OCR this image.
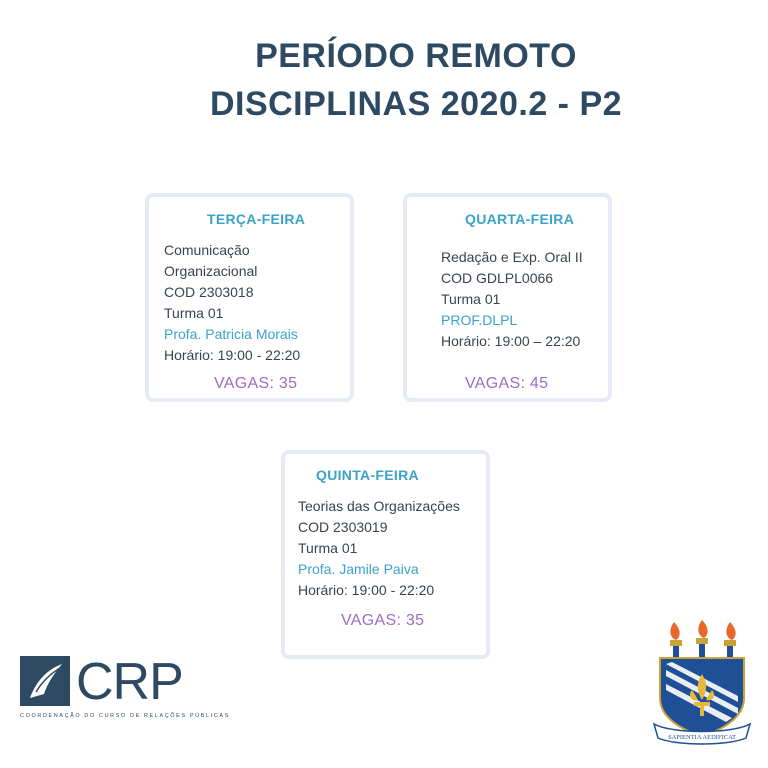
PERÍODO REMOTO
DISCIPLINAS 2020.2 - P2
TERÇA-FEIRA
Comunicação
Organizacional
COD 2303018
Turma 01
Profa. Patricia Morais
Horário: 19:00 - 22:20
VAGAS: 35
QUARTA-FEIRA
Redação e Exp. Oral II
COD GDLPL0066
Turma 01
PROF.DLPL
Horário: 19:00 – 22:20
VAGAS: 45
QUINTA-FEIRA
Teorias das Organizações
COD 2303019
Turma 01
Profa. Jamile Paiva
Horário: 19:00 - 22:20
VAGAS: 35
CRP
COORDENAÇÃO DO CURSO DE RELAÇÕES PÚBLICAS
SAPIENTIA AEDIFICAT
